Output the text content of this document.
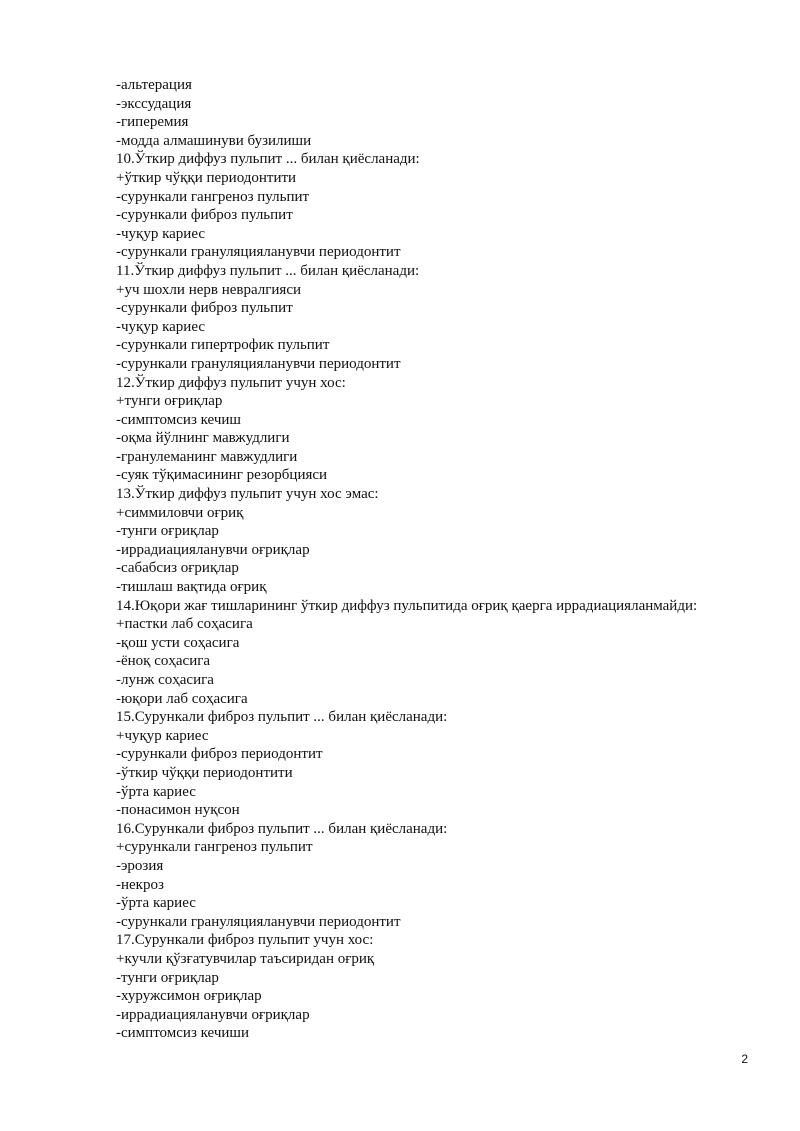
-альтерация
-экссудация
-гиперемия
-модда алмашинуви бузилиши
10.Ўткир диффуз пульпит ... билан қиёсланади:
+ўткир чўққи периодонтити
-сурункали гангреноз пульпит
-сурункали фиброз пульпит
-чуқур кариес
-сурункали грануляцияланувчи периодонтит
11.Ўткир диффуз пульпит ... билан қиёсланади:
+уч шохли нерв невралгияси
-сурункали фиброз пульпит
-чуқур кариес
-сурункали гипертрофик пульпит
-сурункали грануляцияланувчи периодонтит
12.Ўткир диффуз пульпит учун хос:
+тунги оғриқлар
-симптомсиз кечиш
-оқма йўлнинг мавжудлиги
-гранулеманинг мавжудлиги
-суяк тўқимасининг резорбцияси
13.Ўткир диффуз пульпит учун хос эмас:
+симмиловчи оғриқ
-тунги оғриқлар
-иррадиацияланувчи оғриқлар
-сабабсиз оғриқлар
-тишлаш вақтида оғриқ
14.Юқори жағ тишларининг ўткир диффуз пульпитида оғриқ қаерга иррадиацияланмайди:
+пастки лаб соҳасига
-қош усти соҳасига
-ёноқ соҳасига
-лунж соҳасига
-юқори лаб соҳасига
15.Сурункали фиброз пульпит ... билан қиёсланади:
+чуқур кариес
-сурункали фиброз периодонтит
-ўткир чўққи периодонтити
-ўрта кариес
-понасимон нуқсон
16.Сурункали фиброз пульпит ... билан қиёсланади:
+сурункали гангреноз пульпит
-эрозия
-некроз
-ўрта кариес
-сурункали грануляцияланувчи периодонтит
17.Сурункали фиброз пульпит учун хос:
+кучли қўзғатувчилар таъсиридан оғриқ
-тунги оғриқлар
-хуружсимон оғриқлар
-иррадиацияланувчи оғриқлар
-симптомсиз кечиши
2
